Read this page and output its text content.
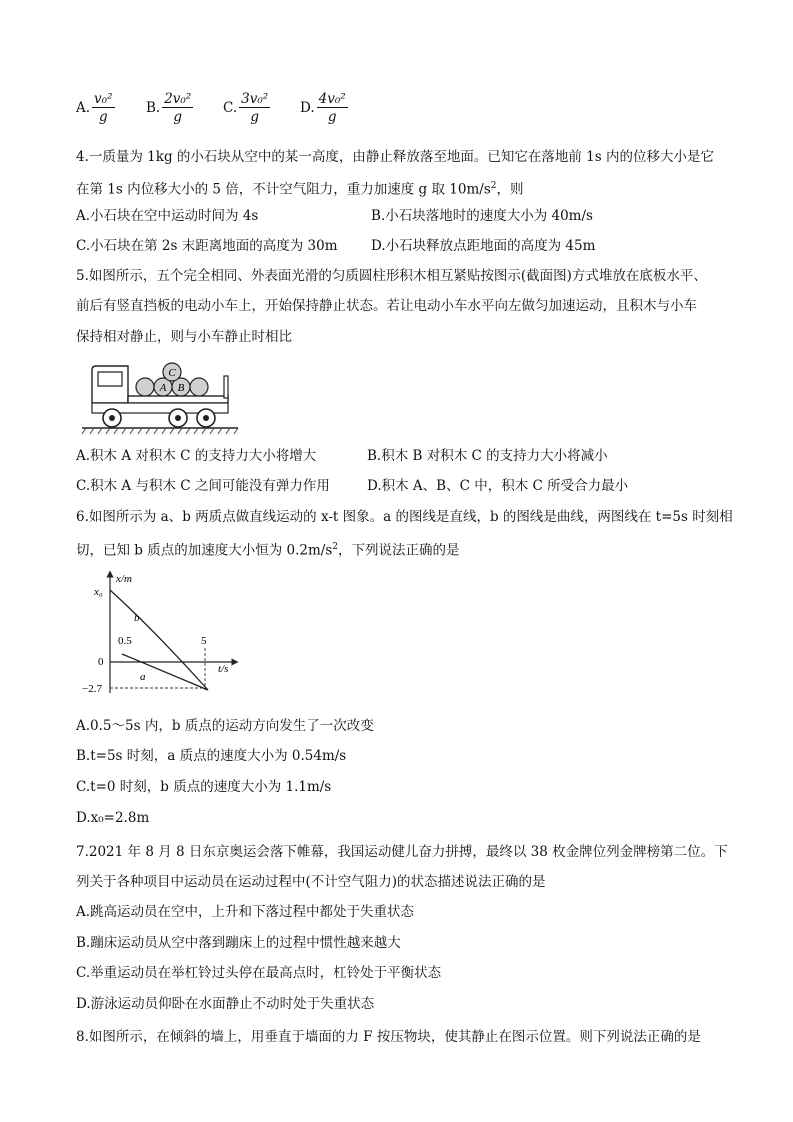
A. $\frac{\text{v₀²}}{g} B$. $\frac{\text{2v₀²}}{g} C$. $\frac{\text{3v₀²}}{g} D$. $\frac{\text{4v₀²}}{g}$
4.一质量为 1kg 的小石块从空中的某一高度，由静止释放落至地面。已知它在落地前 1s 内的位移大小是它
在第 1s 内位移大小的 5 倍，不计空气阻力，重力加速度 g 取 $10m/s^2$，则
A.小石块在空中运动时间为 4s	B.小石块落地时的速度大小为 40m/s
C.小石块在第 2s 末距离地面的高度为 30m D.小石块释放点距地面的高度为 45m
5.如图所示，五个完全相同、外表面光滑的匀质圆柱形积木相互紧贴按图示(截面图)方式堆放在底板水平、
前后有竖直挡板的电动小车上，开始保持静止状态。若让电动小车水平向左做匀加速运动，且积木与小车
保持相对静止，则与小车静止时相比
A B
C
A.积木 A 对积木 C 的支持力大小将增大	B.积木 B 对积木 C 的支持力大小将减小
C.积木 A 与积木 C 之间可能没有弹力作用	D.积木 A、B、C 中，积木 C 所受合力最小
6.如图所示为 a、b 两质点做直线运动的 x-t 图象。a 的图线是直线，b 的图线是曲线，两图线在 t=5s 时刻相
切，已知 b 质点的加速度大小恒为 $0.2m/s^2$，下列说法正确的是
x/m
x₀
b
0.5	5
0
t/s
a
−2.7
A.0.5～5s 内，b 质点的运动方向发生了一次改变
B.t=5s 时刻，a 质点的速度大小为 0.54m/s
C.t=0 时刻，b 质点的速度大小为 1.1m/s
D.x₀=2.8m
7.2021 年 8 月 8 日东京奥运会落下帷幕，我国运动健儿奋力拼搏，最终以 38 枚金牌位列金牌榜第二位。下
列关于各种项目中运动员在运动过程中(不计空气阻力)的状态描述说法正确的是
A.跳高运动员在空中，上升和下落过程中都处于失重状态
B.蹦床运动员从空中落到蹦床上的过程中惯性越来越大
C.举重运动员在举杠铃过头停在最高点时，杠铃处于平衡状态
D.游泳运动员仰卧在水面静止不动时处于失重状态
8.如图所示，在倾斜的墙上，用垂直于墙面的力 F 按压物块，使其静止在图示位置。则下列说法正确的是
